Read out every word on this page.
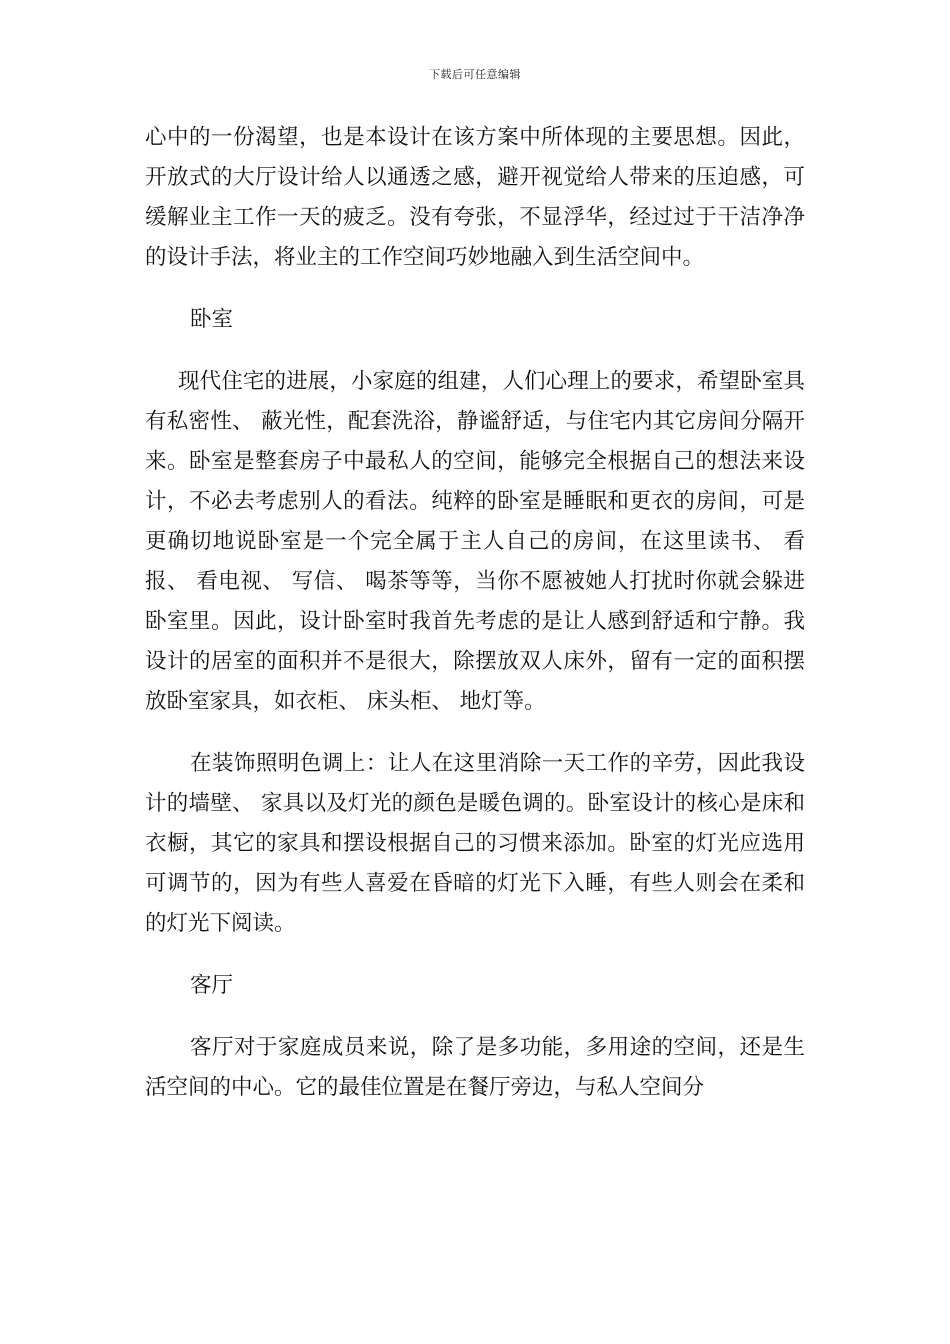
下载后可任意编辑

心中的一份渴望，也是本设计在该方案中所体现的主要思想。因此，开放式的大厅设计给人以通透之感，避开视觉给人带来的压迫感，可缓解业主工作一天的疲乏。没有夸张，不显浮华，经过过于干洁净净的设计手法，将业主的工作空间巧妙地融入到生活空间中。

卧室

现代住宅的进展，小家庭的组建，人们心理上的要求，希望卧室具有私密性、 蔽光性，配套洗浴，静谧舒适，与住宅内其它房间分隔开来。卧室是整套房子中最私人的空间，能够完全根据自己的想法来设计，不必去考虑别人的看法。纯粹的卧室是睡眠和更衣的房间，可是更确切地说卧室是一个完全属于主人自己的房间，在这里读书、 看报、 看电视、 写信、 喝茶等等，当你不愿被她人打扰时你就会躲进卧室里。因此，设计卧室时我首先考虑的是让人感到舒适和宁静。我设计的居室的面积并不是很大，除摆放双人床外，留有一定的面积摆放卧室家具，如衣柜、 床头柜、 地灯等。

在装饰照明色调上：让人在这里消除一天工作的辛劳，因此我设计的墙壁、 家具以及灯光的颜色是暖色调的。卧室设计的核心是床和衣橱，其它的家具和摆设根据自己的习惯来添加。卧室的灯光应选用可调节的，因为有些人喜爱在昏暗的灯光下入睡，有些人则会在柔和的灯光下阅读。

客厅

客厅对于家庭成员来说，除了是多功能，多用途的空间，还是生活空间的中心。它的最佳位置是在餐厅旁边，与私人空间分
